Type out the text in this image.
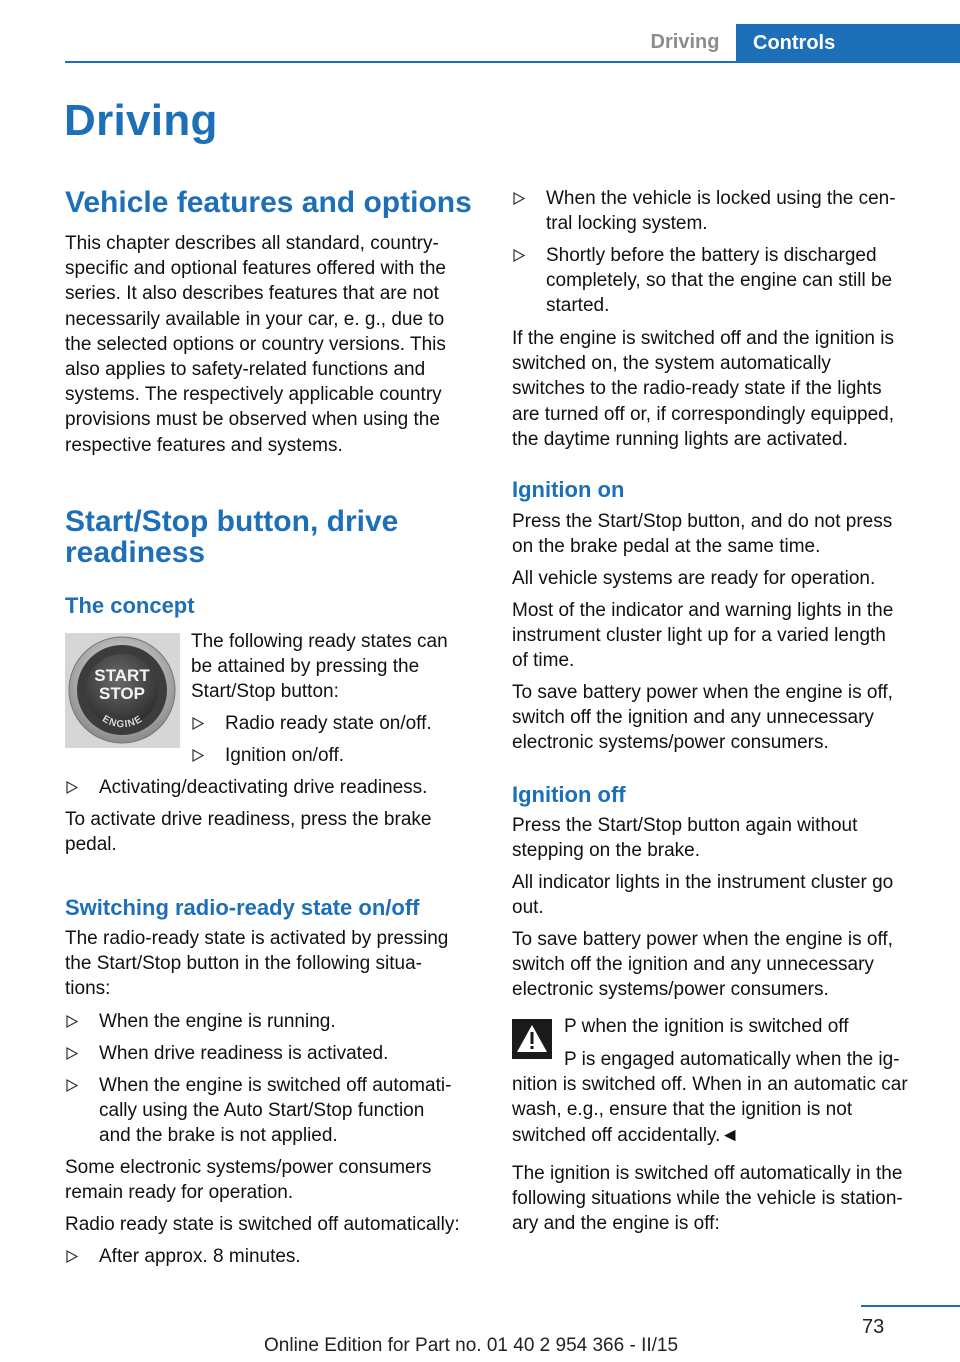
Driving	Controls
Driving
Vehicle features and options
This chapter describes all standard, country-
specific and optional features offered with the
series. It also describes features that are not
necessarily available in your car, e. g., due to
the selected options or country versions. This
also applies to safety-related functions and
systems. The respectively applicable country
provisions must be observed when using the
respective features and systems.
Start/Stop button, drive
readiness
The concept
START
STOP
ENGINE
The following ready states can
be attained by pressing the
Start/Stop button:
Radio ready state on/off.
Ignition on/off.
Activating/deactivating drive readiness.
To activate drive readiness, press the brake
pedal.
Switching radio-ready state on/off
The radio-ready state is activated by pressing
the Start/Stop button in the following situa-
tions:
When the engine is running.
When drive readiness is activated.
When the engine is switched off automati-
cally using the Auto Start/Stop function
and the brake is not applied.
Some electronic systems/power consumers
remain ready for operation.
Radio ready state is switched off automatically:
After approx. 8 minutes.
When the vehicle is locked using the cen-
tral locking system.
Shortly before the battery is discharged
completely, so that the engine can still be
started.
If the engine is switched off and the ignition is
switched on, the system automatically
switches to the radio-ready state if the lights
are turned off or, if correspondingly equipped,
the daytime running lights are activated.
Ignition on
Press the Start/Stop button, and do not press
on the brake pedal at the same time.
All vehicle systems are ready for operation.
Most of the indicator and warning lights in the
instrument cluster light up for a varied length
of time.
To save battery power when the engine is off,
switch off the ignition and any unnecessary
electronic systems/power consumers.
Ignition off
Press the Start/Stop button again without
stepping on the brake.
All indicator lights in the instrument cluster go
out.
To save battery power when the engine is off,
switch off the ignition and any unnecessary
electronic systems/power consumers.
P when the ignition is switched off
P is engaged automatically when the ig-
nition is switched off. When in an automatic car
wash, e.g., ensure that the ignition is not
switched off accidentally.◄
The ignition is switched off automatically in the
following situations while the vehicle is station-
ary and the engine is off:
73
Online Edition for Part no. 01 40 2 954 366 - II/15
